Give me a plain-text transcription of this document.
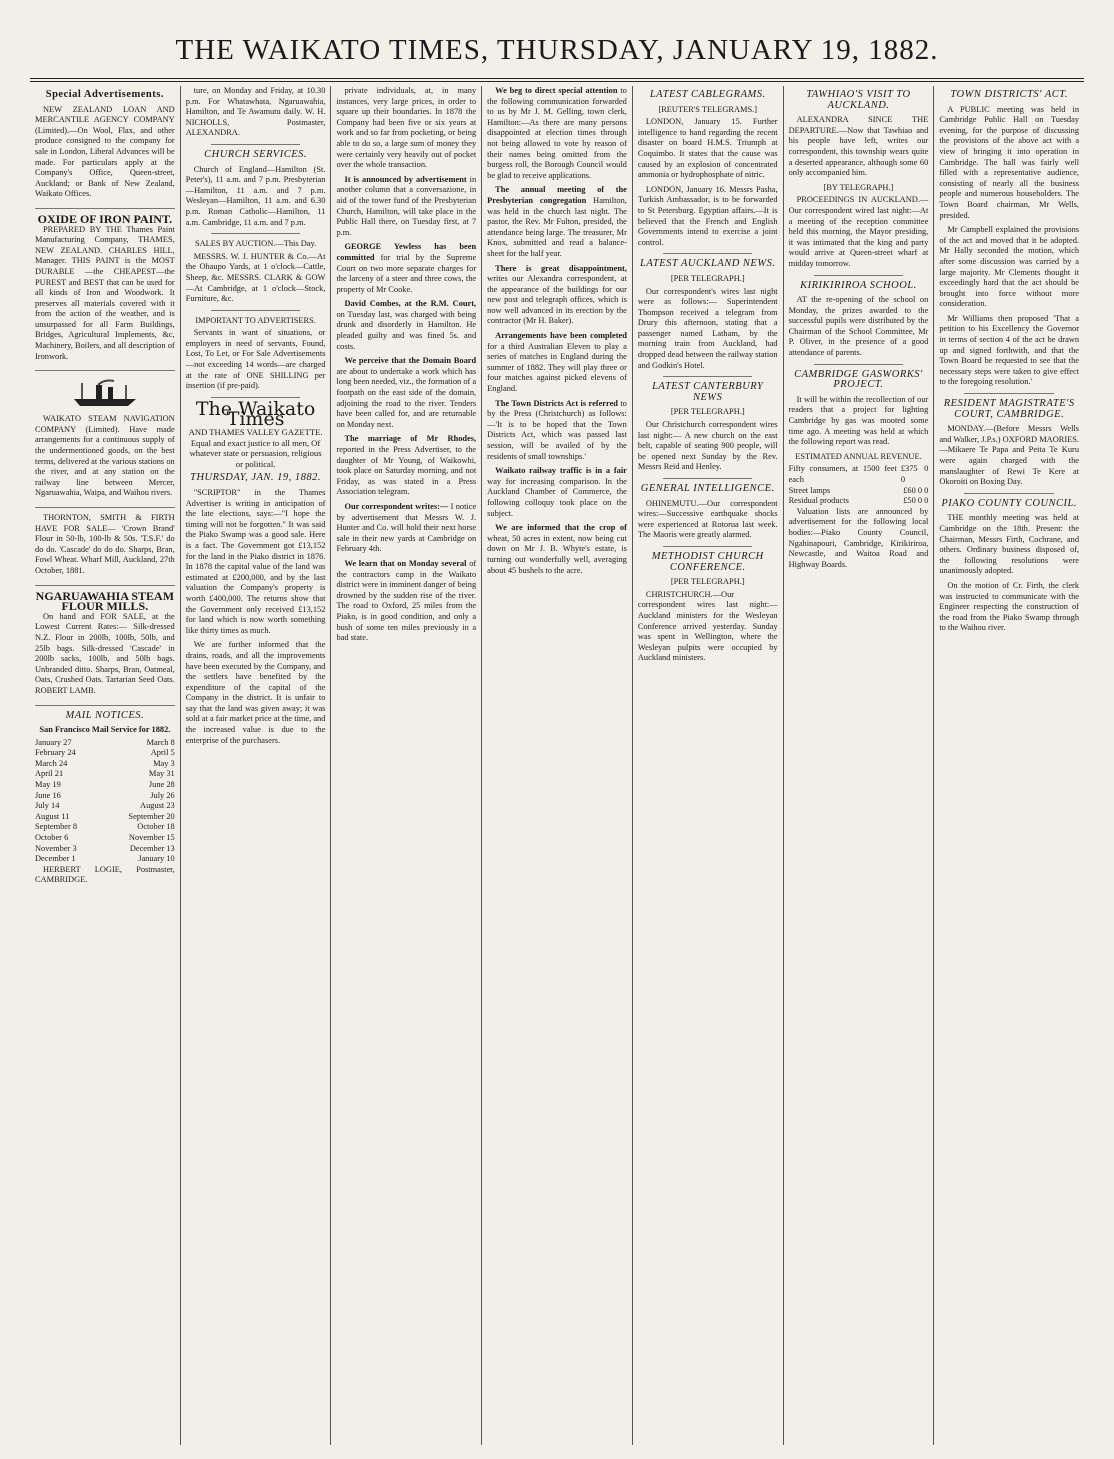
THE WAIKATO TIMES, THURSDAY, JANUARY 19, 1882.
Special Advertisements.

NEW ZEALAND LOAN AND MERCANTILE AGENCY COMPANY (Limited).—On Wool, Flax, and other produce consigned to the company for sale in London, Liberal Advances will be made. For particulars apply at the Company's Office, Queen-street, Auckland; or Bank of New Zealand, Waikato Offices.

OXIDE OF IRON PAINT.

PREPARED BY THE Thames Paint Manufacturing Company, THAMES, NEW ZEALAND. CHARLES HILL, Manager. THIS PAINT is the MOST DURABLE —the CHEAPEST—the PUREST and BEST that can be used for all kinds of Iron and Woodwork. It preserves all materials covered with it from the action of the weather, and is unsurpassed for all Farm Buildings, Bridges, Agricultural Implements, &c, Machinery, Boilers, and all description of Ironwork.

WAIKATO STEAM NAVIGATION COMPANY (Limited). Have made arrangements for a continuous supply of the undermentioned goods, on the best terms, delivered at the various stations on the river, and at any station on the railway line between Mercer, Ngaruawahia, Waipa, and Waihou rivers.

THORNTON, SMITH & FIRTH HAVE FOR SALE— 'Crown Brand' Flour in 50-lb, 100-lb & 50s. 'T.S.F.' do do do. 'Cascade' do do do. Sharps, Bran, Fowl Wheat. Wharf Mill, Auckland, 27th October, 1881.

NGARUAWAHIA STEAM FLOUR MILLS.

On hand and FOR SALE, at the Lowest Current Rates:— Silk-dressed N.Z. Flour in 200lb, 100lb, 50lb, and 25lb bags. Silk-dressed 'Cascade' in 200lb sacks, 100lb, and 50lb bags. Unbranded ditto. Sharps, Bran, Oatmeal, Oats, Crushed Oats. Tartarian Seed Oats. ROBERT LAMB.

MAIL NOTICES.
San Francisco Mail Service for 1882.
January 27	March 8
February 24	April 5
March 24	May 3
April 21	May 31
May 19	June 28
June 16	July 26
July 14	August 23
August 11	September 20
September 8	October 18
October 6	November 15
November 3	December 13
December 1	January 10

HERBERT LOGIE, Postmaster, CAMBRIDGE.

ture, on Monday and Friday, at 10.30 p.m. For Whatawhata, Ngaruawahia, Hamilton, and Te Awamutu daily. W. H. NICHOLLS, Postmaster, ALEXANDRA.

CHURCH SERVICES.

Church of England—Hamilton (St. Peter's), 11 a.m. and 7 p.m. Presbyterian—Hamilton, 11 a.m. and 7 p.m. Wesleyan—Hamilton, 11 a.m. and 6.30 p.m. Roman Catholic—Hamilton, 11 a.m. Cambridge, 11 a.m. and 7 p.m.

SALES BY AUCTION.—This Day.

MESSRS. W. J. HUNTER & Co.—At the Ohaupo Yards, at 1 o'clock—Cattle, Sheep, &c. MESSRS. CLARK & GOW—At Cambridge, at 1 o'clock—Stock, Furniture, &c.

IMPORTANT TO ADVERTISERS.

Servants in want of situations, or employers in need of servants, Found, Lost, To Let, or For Sale Advertisements—not exceeding 14 words—are charged at the rate of ONE SHILLING per insertion (if pre-paid).

The Waikato Times
AND THAMES VALLEY GAZETTE.
Equal and exact justice to all men, Of whatever state or persuasion, religious or political.
THURSDAY, JAN. 19, 1882.

"SCRIPTOR" in the Thames Advertiser is writing in anticipation of the late elections, says:—"I hope the timing will not be forgotten." It was said the Piako Swamp was a good sale. Here is a fact. The Government got £13,152 for the land in the Piako district in 1876. In 1878 the capital value of the land was estimated at £200,000, and by the last valuation the Company's property is worth £400,000. The returns show that the Government only received £13,152 for land which is now worth something like thirty times as much.

We are further informed that the drains, roads, and all the improvements have been executed by the Company, and the settlers have benefited by the expenditure of the capital of the Company in the district. It is unfair to say that the land was given away; it was sold at a fair market price at the time, and the increased value is due to the enterprise of the purchasers.

private individuals, at, in many instances, very large prices, in order to square up their boundaries. In 1878 the Company had been five or six years at work and so far from pocketing, or being able to do so, a large sum of money they were certainly very heavily out of pocket over the whole transaction.

It is announced by advertisement in another column that a conversazione, in aid of the tower fund of the Presbyterian Church, Hamilton, will take place in the Public Hall there, on Tuesday first, at 7 p.m.

GEORGE Yewless has been committed for trial by the Supreme Court on two more separate charges for the larceny of a steer and three cows, the property of Mr Cooke.

David Combes, at the R.M. Court, on Tuesday last, was charged with being drunk and disorderly in Hamilton. He pleaded guilty and was fined 5s. and costs.

We perceive that the Domain Board are about to undertake a work which has long been needed, viz., the formation of a footpath on the east side of the domain, adjoining the road to the river. Tenders have been called for, and are returnable on Monday next.

The marriage of Mr Rhodes, reported in the Press Advertiser, to the daughter of Mr Young, of Waikowhi, took place on Saturday morning, and not Friday, as was stated in a Press Association telegram.

Our correspondent writes:— I notice by advertisement that Messrs W. J. Hunter and Co. will hold their next horse sale in their new yards at Cambridge on February 4th.

We learn that on Monday several of the contractors camp in the Waikato district were in imminent danger of being drowned by the sudden rise of the river. The road to Oxford, 25 miles from the Piako, is in good condition, and only a bush of some ten miles previously in a bad state.

We beg to direct special attention to the following communication forwarded to us by Mr J. M. Gelling, town clerk, Hamilton:—As there are many persons disappointed at election times through not being allowed to vote by reason of their names being omitted from the burgess roll, the Borough Council would be glad to receive applications.

The annual meeting of the Presbyterian congregation Hamilton, was held in the church last night. The pastor, the Rev. Mr Fulton, presided, the attendance being large. The treasurer, Mr Knox, submitted and read a balance-sheet for the half year.

There is great disappointment, writes our Alexandra correspondent, at the appearance of the buildings for our new post and telegraph offices, which is now well advanced in its erection by the contractor (Mr H. Baker).

Arrangements have been completed for a third Australian Eleven to play a series of matches in England during the summer of 1882. They will play three or four matches against picked elevens of England.

The Town Districts Act is referred to by the Press (Christchurch) as follows:—'It is to be hoped that the Town Districts Act, which was passed last session, will be availed of by the residents of small townships.'

Waikato railway traffic is in a fair way for increasing comparison. In the Auckland Chamber of Commerce, the following colloquy took place on the subject.

We are informed that the crop of wheat, 50 acres in extent, now being cut down on Mr J. B. Whyte's estate, is turning out wonderfully well, averaging about 45 bushels to the acre.

LATEST CABLEGRAMS.
[REUTER'S TELEGRAMS.]

LONDON, January 15. Further intelligence to hand regarding the recent disaster on board H.M.S. Triumph at Coquimbo. It states that the cause was caused by an explosion of concentrated ammonia or hydrophosphate of nitric.

LONDON, January 16. Messrs Pasha, Turkish Ambassador, is to be forwarded to St Petersburg. Egyptian affairs.—It is believed that the French and English Governments intend to exercise a joint control.

LATEST AUCKLAND NEWS.
[PER TELEGRAPH.]

Our correspondent's wires last night were as follows:— Superintendent Thompson received a telegram from Drury this afternoon, stating that a passenger named Latham, by the morning train from Auckland, had dropped dead between the railway station and Godkin's Hotel.

LATEST CANTERBURY NEWS
[PER TELEGRAPH.]

Our Christchurch correspondent wires last night:— A new church on the east belt, capable of seating 900 people, will be opened next Sunday by the Rev. Messrs Reid and Henley.

GENERAL INTELLIGENCE.

OHINEMUTU.—Our correspondent wires:—Successive earthquake shocks were experienced at Rotorua last week. The Maoris were greatly alarmed.

METHODIST CHURCH CONFERENCE.
[PER TELEGRAPH.]

CHRISTCHURCH.—Our correspondent wires last night:—Auckland ministers for the Wesleyan Conference arrived yesterday. Sunday was spent in Wellington, where the Wesleyan pulpits were occupied by Auckland ministers.

TAWHIAO'S VISIT TO AUCKLAND.

ALEXANDRA SINCE THE DEPARTURE.—Now that Tawhiao and his people have left, writes our correspondent, this township wears quite a deserted appearance, although some 60 only accompanied him.

[BY TELEGRAPH.]

PROCEEDINGS IN AUCKLAND.—Our correspondent wired last night:—At a meeting of the reception committee held this morning, the Mayor presiding, it was intimated that the king and party would arrive at Queen-street wharf at midday tomorrow.

KIRIKIRIROA SCHOOL.

AT the re-opening of the school on Monday, the prizes awarded to the successful pupils were distributed by the Chairman of the School Committee, Mr P. Oliver, in the presence of a good attendance of parents.

CAMBRIDGE GASWORKS' PROJECT.

It will be within the recollection of our readers that a project for lighting Cambridge by gas was mooted some time ago. A meeting was held at which the following report was read.

ESTIMATED ANNUAL REVENUE.
Fifty consumers, at 1500 feet each
£375 0 0
Street lamps	£60 0 0
Residual products	£50 0 0

Valuation lists are announced by advertisement for the following local bodies:—Piako County Council, Ngahinapouri, Cambridge, Kirikiriroa, Newcastle, and Waitoa Road and Highway Boards.

TOWN DISTRICTS' ACT.

A PUBLIC meeting was held in Cambridge Public Hall on Tuesday evening, for the purpose of discussing the provisions of the above act with a view of bringing it into operation in Cambridge. The hall was fairly well filled with a representative audience, consisting of nearly all the business people and numerous householders. The Town Board chairman, Mr Wells, presided.

Mr Campbell explained the provisions of the act and moved that it be adopted. Mr Hally seconded the motion, which after some discussion was carried by a large majority. Mr Clements thought it exceedingly hard that the act should be brought into force without more consideration.

Mr Williams then proposed 'That a petition to his Excellency the Governor in terms of section 4 of the act be drawn up and signed forthwith, and that the Town Board be requested to see that the necessary steps were taken to give effect to the foregoing resolution.'

RESIDENT MAGISTRATE'S COURT, CAMBRIDGE.

MONDAY.—(Before Messrs Wells and Walker, J.P.s.) OXFORD MAORIES.—Mikaere Te Papa and Peita Te Kuru were again charged with the manslaughter of Rewi Te Kere at Okoroiti on Boxing Day.

PIAKO COUNTY COUNCIL.

THE monthly meeting was held at Cambridge on the 18th. Present: the Chairman, Messrs Firth, Cochrane, and others. Ordinary business disposed of, the following resolutions were unanimously adopted.

On the motion of Cr. Firth, the clerk was instructed to communicate with the Engineer respecting the construction of the road from the Piako Swamp through to the Waihou river.
